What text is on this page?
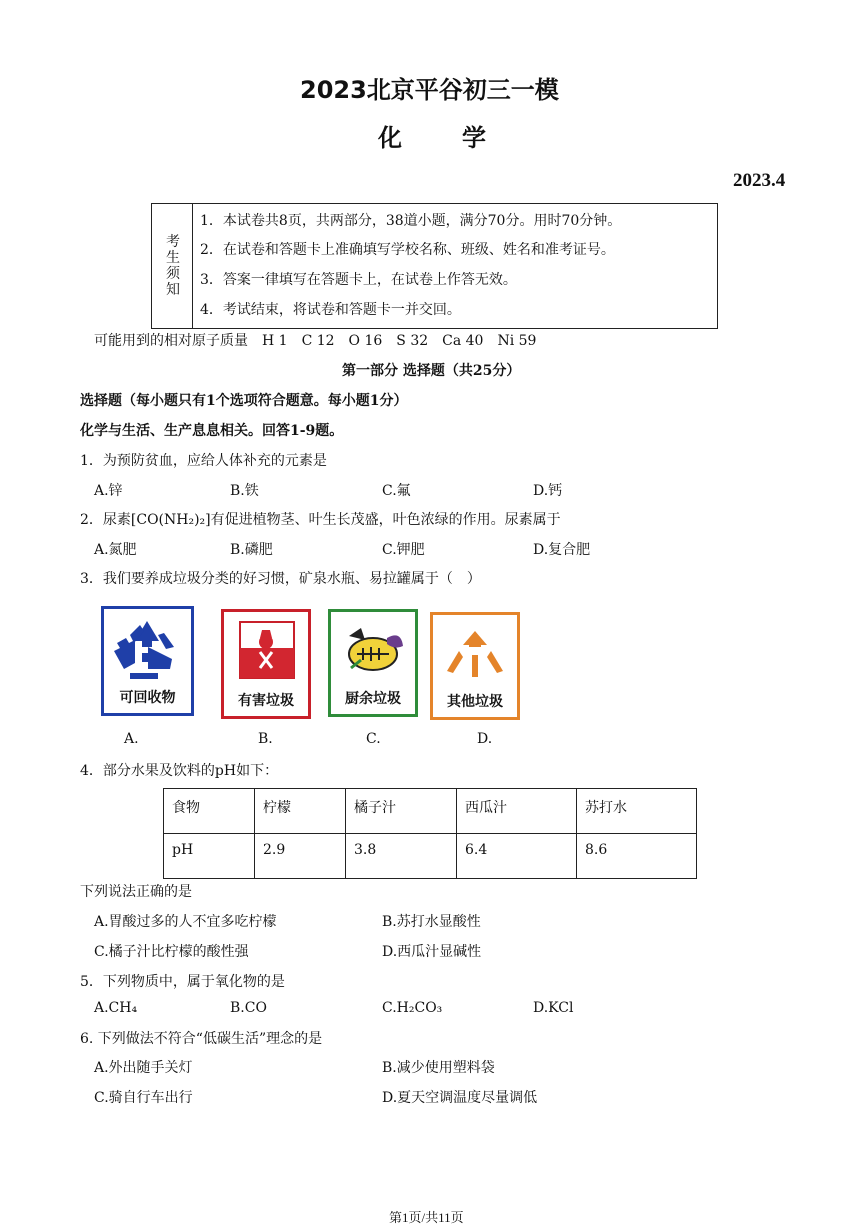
2023北京平谷初三一模
化 学
2023.4
考生须知
1．本试卷共8页，共两部分，38道小题，满分70分。用时70分钟。
2．在试卷和答题卡上准确填写学校名称、班级、姓名和准考证号。
3．答案一律填写在答题卡上，在试卷上作答无效。
4．考试结束，将试卷和答题卡一并交回。
可能用到的相对原子质量　H 1　C 12　O 16　S 32　Ca 40　Ni 59
第一部分 选择题（共25分）
选择题（每小题只有1个选项符合题意。每小题1分）
化学与生活、生产息息相关。回答1-9题。
1．为预防贫血，应给人体补充的元素是
A.锌	B.铁	C.氟	D.钙
2．尿素[CO(NH₂)₂]有促进植物茎、叶生长茂盛，叶色浓绿的作用。尿素属于
A.氮肥	B.磷肥	C.钾肥	D.复合肥
3．我们要养成垃圾分类的好习惯，矿泉水瓶、易拉罐属于（　）
可回收物	有害垃圾	厨余垃圾	其他垃圾
A.	B.	C.	D.
4．部分水果及饮料的pH如下：
食物	柠檬	橘子汁	西瓜汁	苏打水
pH	2.9	3.8	6.4	8.6
下列说法正确的是
A.胃酸过多的人不宜多吃柠檬	B.苏打水显酸性
C.橘子汁比柠檬的酸性强	D.西瓜汁显碱性
5．下列物质中，属于氧化物的是
A.CH₄	B.CO	C.H₂CO₃	D.KCl
6. 下列做法不符合“低碳生活”理念的是
A.外出随手关灯	B.减少使用塑料袋
C.骑自行车出行	D.夏天空调温度尽量调低
第1页/共11页
